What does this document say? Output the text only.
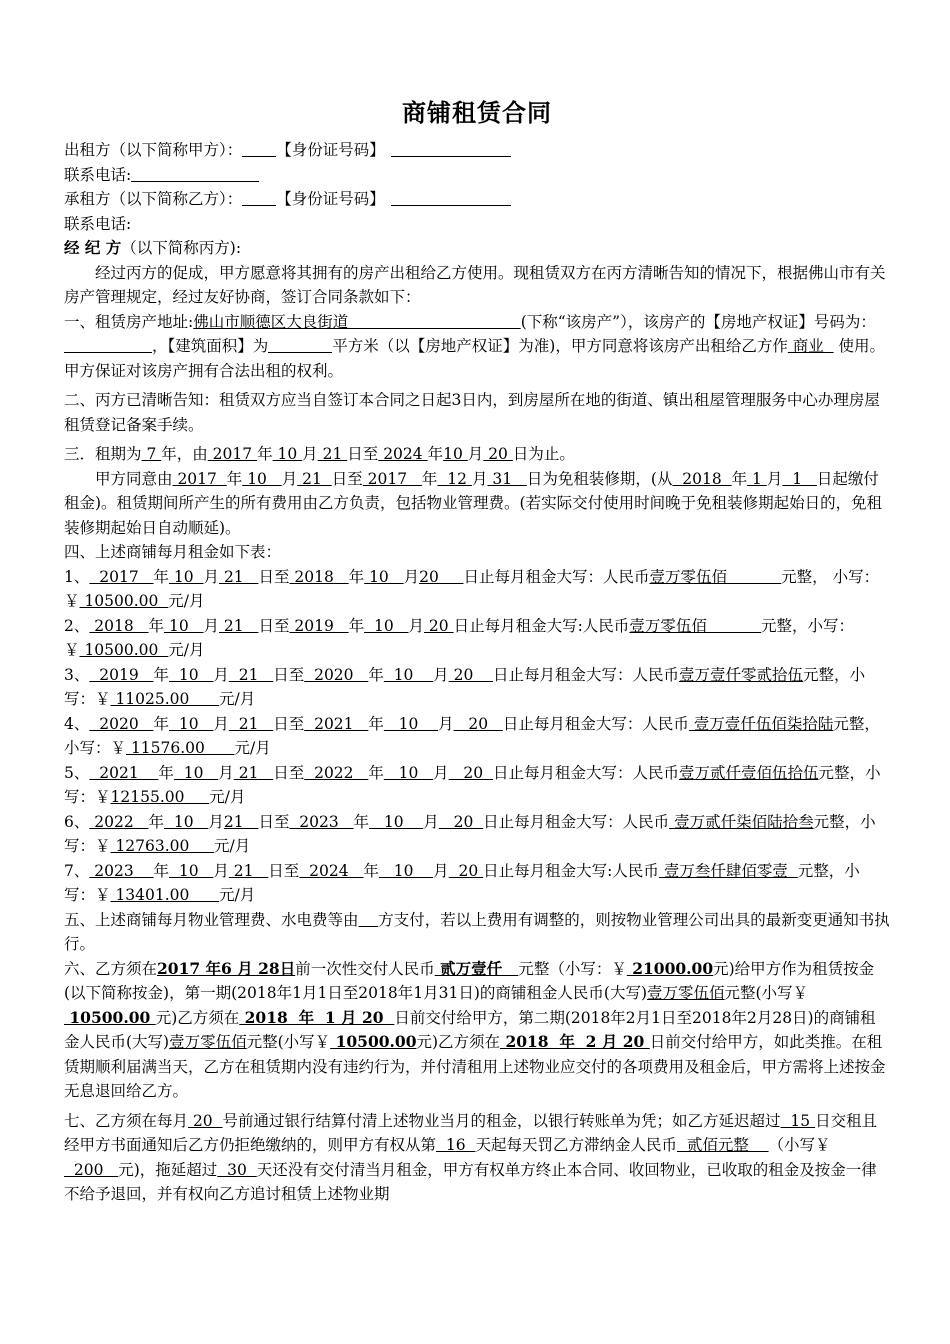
商铺租赁合同

出租方（以下简称甲方）： 【身份证号码】

联系电话:

承租方（以下简称乙方）： 【身份证号码】

联系电话:

经 纪 方（以下简称丙方):

经过丙方的促成，甲方愿意将其拥有的房产出租给乙方使用。现租赁双方在丙方清晰告知的情况下，根据佛山市有关房产管理规定，经过友好协商，签订合同条款如下：

一、租赁房产地址:佛山市顺德区大良街道                                   (下称“该房产”），该房产的【房地产权证】号码为：，【建筑面积】为	平方米（以【房地产权证】为准)，甲方同意将该房产出租给乙方作 商业   使用。甲方保证对该房产拥有合法出租的权利。

二、丙方已清晰告知：租赁双方应当自签订本合同之日起3日内，到房屋所在地的街道、镇出租屋管理服务中心办理房屋租赁登记备案手续。

三．租期为 7 年，由 2017 年 10 月 21 日至 2024 年10 月 20 日为止。

甲方同意由 2017  年 10   月 21  日至 2017   年  12 月 31   日为免租装修期，(从  2018  年 1 月  1   日起缴付租金)。租赁期间所产生的所有费用由乙方负责，包括物业管理费。(若实际交付使用时间晚于免租装修期起始日的，免租装修期起始日自动顺延)。

四、上述商铺每月租金如下表：

1、  2017   年 10  月 21   日至 2018   年 10   月20     日止每月租金大写：人民币壹万零伍佰           元整， 小写：￥ 10500.00  元/月

2、 2018   年 10   月 21   日至 2019   年  10   月 20 日止每月租金大写:人民币壹万零伍佰           元整，小写：￥ 10500.00  元/月

3、  2019   年  10   月  21   日至  2020   年  10    月 20    日止每月租金大写：人民币壹万壹仟零贰拾伍元整，小写：￥ 11025.00      元/月

4、  2020   年  10   月  21   日至  2021   年   10    月   20   日止每月租金大写：人民币 壹万壹仟伍佰柒拾陆元整，小写：￥ 11576.00      元/月

5、  2021    年  10   月 21   日至  2022   年   10   月   20  日止每月租金大写：人民币壹万贰仟壹佰伍拾伍元整，小写：￥12155.00     元/月

6、 2022   年  10   月21   日至  2023   年   10    月   20  日止每月租金大写：人民币 壹万贰仟柒佰陆拾叁元整，小写：￥ 12763.00     元/月

7、 2023    年  10   月 21   日至  2024   年   10    月  20 日止每月租金大写:人民币 壹万叁仟肆佰零壹  元整，小写：￥ 13401.00      元/月

五、上述商铺每月物业管理费、水电费等由 方支付，若以上费用有调整的，则按物业管理公司出具的最新变更通知书执行。

六、乙方须在2017 年6 月 28日前一次性交付人民币 贰万壹仟   元整（小写：￥ 21000.00元)给甲方作为租赁按金(以下简称按金)，第一期(2018年1月1日至2018年1月31日)的商铺租金人民币(大写)壹万零伍佰元整(小写￥ 10500.00 元)乙方须在 2018  年  1 月 20  日前交付给甲方，第二期(2018年2月1日至2018年2月28日)的商铺租金人民币(大写)壹万零伍佰元整(小写￥ 10500.00元)乙方须在 2018  年  2 月 20 日前交付给甲方，如此类推。在租赁期顺利届满当天，乙方在租赁期内没有违约行为，并付清租用上述物业应交付的各项费用及租金后，甲方需将上述按金无息退回给乙方。

七、乙方须在每月 20  号前通过银行结算付清上述物业当月的租金，以银行转账单为凭；如乙方延迟超过  15 日交租且经甲方书面通知后乙方仍拒绝缴纳的，则甲方有权从第  16  天起每天罚乙方滞纳金人民币  贰佰元整    （小写￥  200   元)，拖延超过  30  天还没有交付清当月租金，甲方有权单方终止本合同、收回物业，已收取的租金及按金一律不给予退回，并有权向乙方追讨租赁上述物业期
